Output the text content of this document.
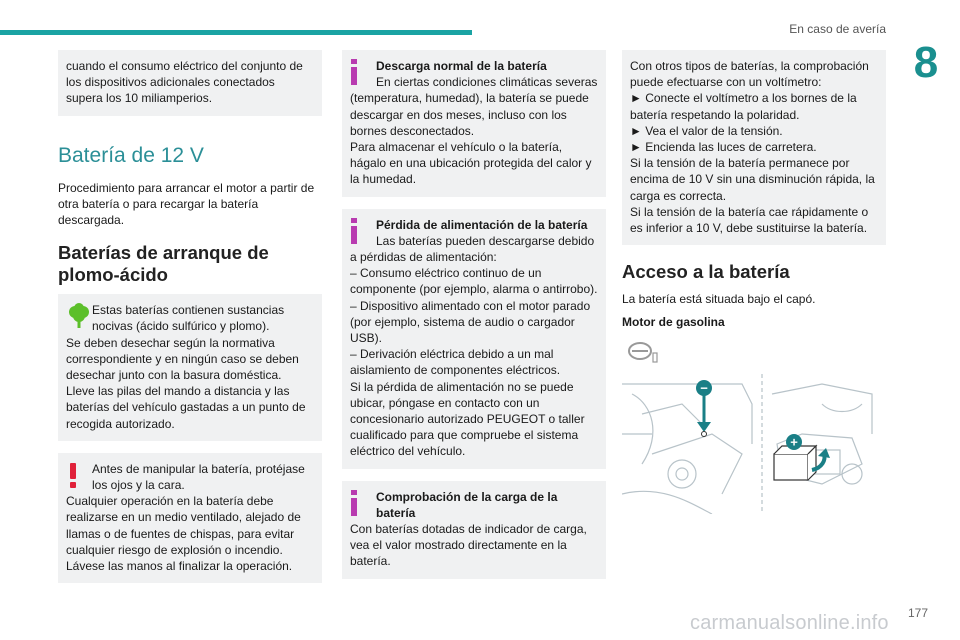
En caso de avería
8

cuando el consumo eléctrico del conjunto de los dispositivos adicionales conectados supera los 10 miliamperios.

Batería de 12 V

Procedimiento para arrancar el motor a partir de otra batería o para recargar la batería descargada.

Baterías de arranque de plomo-ácido

Estas baterías contienen sustancias nocivas (ácido sulfúrico y plomo).

Se deben desechar según la normativa correspondiente y en ningún caso se deben desechar junto con la basura doméstica.

Lleve las pilas del mando a distancia y las baterías del vehículo gastadas a un punto de recogida autorizado.

Antes de manipular la batería, protéjase los ojos y la cara.

Cualquier operación en la batería debe realizarse en un medio ventilado, alejado de llamas o de fuentes de chispas, para evitar cualquier riesgo de explosión o incendio.

Lávese las manos al finalizar la operación.

Descarga normal de la batería

En ciertas condiciones climáticas severas (temperatura, humedad), la batería se puede descargar en dos meses, incluso con los bornes desconectados.

Para almacenar el vehículo o la batería, hágalo en una ubicación protegida del calor y la humedad.

Pérdida de alimentación de la batería

Las baterías pueden descargarse debido a pérdidas de alimentación:

– Consumo eléctrico continuo de un componente (por ejemplo, alarma o antirrobo).

– Dispositivo alimentado con el motor parado (por ejemplo, sistema de audio o cargador USB).

– Derivación eléctrica debido a un mal aislamiento de componentes eléctricos.

Si la pérdida de alimentación no se puede ubicar, póngase en contacto con un concesionario autorizado PEUGEOT o taller cualificado para que compruebe el sistema eléctrico del vehículo.

Comprobación de la carga de la batería

Con baterías dotadas de indicador de carga, vea el valor mostrado directamente en la batería.

Con otros tipos de baterías, la comprobación puede efectuarse con un voltímetro:

► Conecte el voltímetro a los bornes de la batería respetando la polaridad.

► Vea el valor de la tensión.

► Encienda las luces de carretera.

Si la tensión de la batería permanece por encima de 10 V sin una disminución rápida, la carga es correcta.

Si la tensión de la batería cae rápidamente o es inferior a 10 V, debe sustituirse la batería.

Acceso a la batería

La batería está situada bajo el capó.

Motor de gasolina
−
+
carmanualsonline.info 177
